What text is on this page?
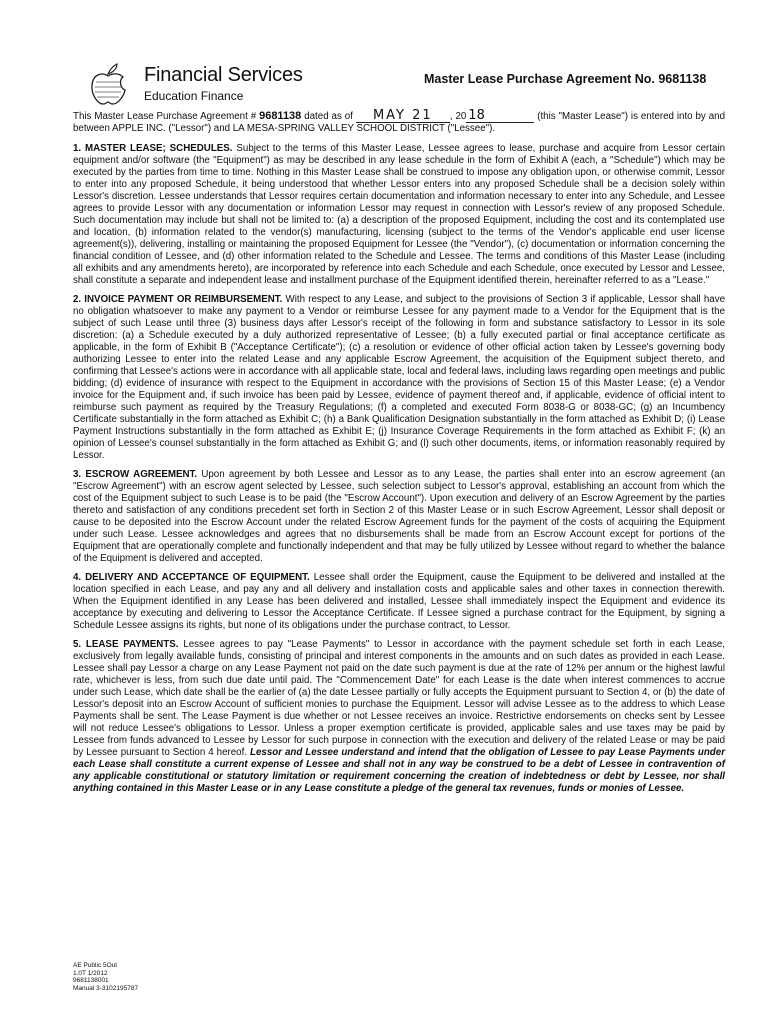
Financial Services
Education Finance
Master Lease Purchase Agreement No. 9681138

This Master Lease Purchase Agreement # 9681138 dated as of MAY 21 , 20 18	(this "Master Lease") is entered into by and between APPLE INC. ("Lessor") and LA MESA-SPRING VALLEY SCHOOL DISTRICT ("Lessee").

1. MASTER LEASE; SCHEDULES. Subject to the terms of this Master Lease, Lessee agrees to lease, purchase and acquire from Lessor certain equipment and/or software (the "Equipment") as may be described in any lease schedule in the form of Exhibit A (each, a "Schedule") which may be executed by the parties from time to time. Nothing in this Master Lease shall be construed to impose any obligation upon, or otherwise commit, Lessor to enter into any proposed Schedule, it being understood that whether Lessor enters into any proposed Schedule shall be a decision solely within Lessor's discretion. Lessee understands that Lessor requires certain documentation and information necessary to enter into any Schedule, and Lessee agrees to provide Lessor with any documentation or information Lessor may request in connection with Lessor's review of any proposed Schedule. Such documentation may include but shall not be limited to: (a) a description of the proposed Equipment, including the cost and its contemplated use and location, (b) information related to the vendor(s) manufacturing, licensing (subject to the terms of the Vendor's applicable end user license agreement(s)), delivering, installing or maintaining the proposed Equipment for Lessee (the "Vendor"), (c) documentation or information concerning the financial condition of Lessee, and (d) other information related to the Schedule and Lessee. The terms and conditions of this Master Lease (including all exhibits and any amendments hereto), are incorporated by reference into each Schedule and each Schedule, once executed by Lessor and Lessee, shall constitute a separate and independent lease and installment purchase of the Equipment identified therein, hereinafter referred to as a "Lease."

2. INVOICE PAYMENT OR REIMBURSEMENT. With respect to any Lease, and subject to the provisions of Section 3 if applicable, Lessor shall have no obligation whatsoever to make any payment to a Vendor or reimburse Lessee for any payment made to a Vendor for the Equipment that is the subject of such Lease until three (3) business days after Lessor's receipt of the following in form and substance satisfactory to Lessor in its sole discretion: (a) a Schedule executed by a duly authorized representative of Lessee; (b) a fully executed partial or final acceptance certificate as applicable, in the form of Exhibit B ("Acceptance Certificate"); (c) a resolution or evidence of other official action taken by Lessee's governing body authorizing Lessee to enter into the related Lease and any applicable Escrow Agreement, the acquisition of the Equipment subject thereto, and confirming that Lessee's actions were in accordance with all applicable state, local and federal laws, including laws regarding open meetings and public bidding; (d) evidence of insurance with respect to the Equipment in accordance with the provisions of Section 15 of this Master Lease; (e) a Vendor invoice for the Equipment and, if such invoice has been paid by Lessee, evidence of payment thereof and, if applicable, evidence of official intent to reimburse such payment as required by the Treasury Regulations; (f) a completed and executed Form 8038-G or 8038-GC; (g) an Incumbency Certificate substantially in the form attached as Exhibit C; (h) a Bank Qualification Designation substantially in the form attached as Exhibit D; (i) Lease Payment Instructions substantially in the form attached as Exhibit E; (j) Insurance Coverage Requirements in the form attached as Exhibit F; (k) an opinion of Lessee's counsel substantially in the form attached as Exhibit G; and (l) such other documents, items, or information reasonably required by Lessor.

3. ESCROW AGREEMENT. Upon agreement by both Lessee and Lessor as to any Lease, the parties shall enter into an escrow agreement (an "Escrow Agreement") with an escrow agent selected by Lessee, such selection subject to Lessor's approval, establishing an account from which the cost of the Equipment subject to such Lease is to be paid (the "Escrow Account"). Upon execution and delivery of an Escrow Agreement by the parties thereto and satisfaction of any conditions precedent set forth in Section 2 of this Master Lease or in such Escrow Agreement, Lessor shall deposit or cause to be deposited into the Escrow Account under the related Escrow Agreement funds for the payment of the costs of acquiring the Equipment under such Lease. Lessee acknowledges and agrees that no disbursements shall be made from an Escrow Account except for portions of the Equipment that are operationally complete and functionally independent and that may be fully utilized by Lessee without regard to whether the balance of the Equipment is delivered and accepted.

4. DELIVERY AND ACCEPTANCE OF EQUIPMENT. Lessee shall order the Equipment, cause the Equipment to be delivered and installed at the location specified in each Lease, and pay any and all delivery and installation costs and applicable sales and other taxes in connection therewith. When the Equipment identified in any Lease has been delivered and installed, Lessee shall immediately inspect the Equipment and evidence its acceptance by executing and delivering to Lessor the Acceptance Certificate. If Lessee signed a purchase contract for the Equipment, by signing a Schedule Lessee assigns its rights, but none of its obligations under the purchase contract, to Lessor.

5. LEASE PAYMENTS. Lessee agrees to pay "Lease Payments" to Lessor in accordance with the payment schedule set forth in each Lease, exclusively from legally available funds, consisting of principal and interest components in the amounts and on such dates as provided in each Lease. Lessee shall pay Lessor a charge on any Lease Payment not paid on the date such payment is due at the rate of 12% per annum or the highest lawful rate, whichever is less, from such due date until paid. The "Commencement Date" for each Lease is the date when interest commences to accrue under such Lease, which date shall be the earlier of (a) the date Lessee partially or fully accepts the Equipment pursuant to Section 4, or (b) the date of Lessor's deposit into an Escrow Account of sufficient monies to purchase the Equipment. Lessor will advise Lessee as to the address to which Lease Payments shall be sent. The Lease Payment is due whether or not Lessee receives an invoice. Restrictive endorsements on checks sent by Lessee will not reduce Lessee's obligations to Lessor. Unless a proper exemption certificate is provided, applicable sales and use taxes may be paid by Lessee from funds advanced to Lessee by Lessor for such purpose in connection with the execution and delivery of the related Lease or may be paid by Lessee pursuant to Section 4 hereof. Lessor and Lessee understand and intend that the obligation of Lessee to pay Lease Payments under each Lease shall constitute a current expense of Lessee and shall not in any way be construed to be a debt of Lessee in contravention of any applicable constitutional or statutory limitation or requirement concerning the creation of indebtedness or debt by Lessee, nor shall anything contained in this Master Lease or in any Lease constitute a pledge of the general tax revenues, funds or monies of Lessee.

AE Public 5Out
1.0T 1/2012
9681138001
Manual 3-3102195787
